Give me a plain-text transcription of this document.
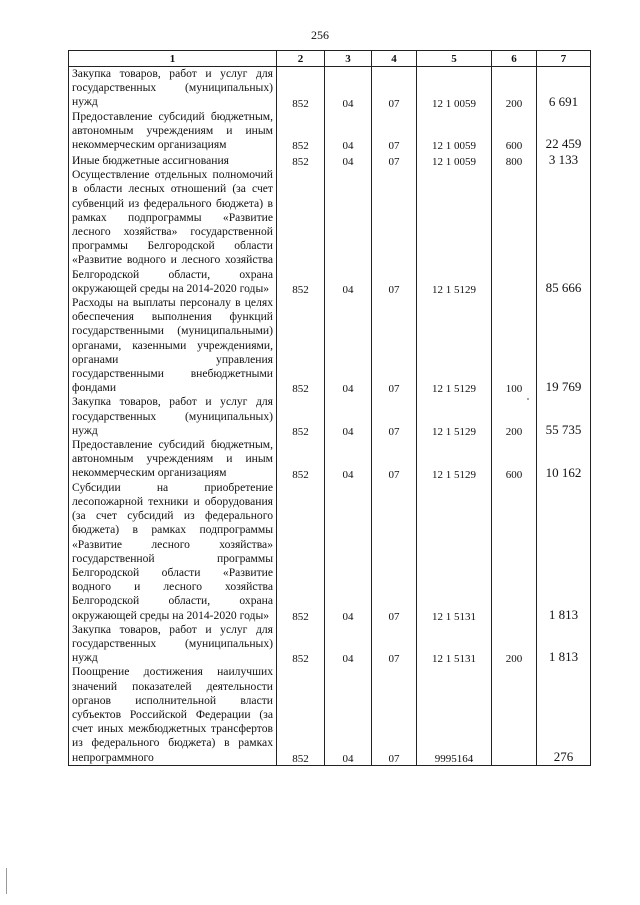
256
1	2	3	4	5	6	7
Закупка товаров, работ и услуг для государственных (муниципальных) нужд	852	04	07	12 1 0059	200	6 691
Предоставление субсидий бюджетным, автономным учреждениям и иным некоммерческим организациям	852	04	07	12 1 0059	600	22 459
Иные бюджетные ассигнования	852	04	07	12 1 0059	800	3 133
Осуществление отдельных полномочий в области лесных отношений (за счет субвенций из федерального бюджета) в рамках подпрограммы «Развитие лесного хозяйства» государственной программы Белгородской области «Развитие водного и лесного хозяйства Белгородской области, охрана окружающей среды на 2014-2020 годы»	852	04	07	12 1 5129		85 666
Расходы на выплаты персоналу в целях обеспечения выполнения функций государственными (муниципальными) органами, казенными учреждениями, органами управления государственными внебюджетными фондами	852	04	07	12 1 5129	100	19 769
Закупка товаров, работ и услуг для государственных (муниципальных) нужд	852	04	07	12 1 5129	200	55 735
Предоставление субсидий бюджетным, автономным учреждениям и иным некоммерческим организациям	852	04	07	12 1 5129	600	10 162
Субсидии на приобретение лесопожарной техники и оборудования (за счет субсидий из федерального бюджета) в рамках подпрограммы «Развитие лесного хозяйства» государственной программы Белгородской области «Развитие водного и лесного хозяйства Белгородской области, охрана окружающей среды на 2014-2020 годы»	852	04	07	12 1 5131		1 813
Закупка товаров, работ и услуг для государственных (муниципальных) нужд	852	04	07	12 1 5131	200	1 813
Поощрение достижения наилучших значений показателей деятельности органов исполнительной власти субъектов Российской Федерации (за счет иных межбюджетных трансфертов из федерального бюджета) в рамках непрограммного	852	04	07	9995164		276
